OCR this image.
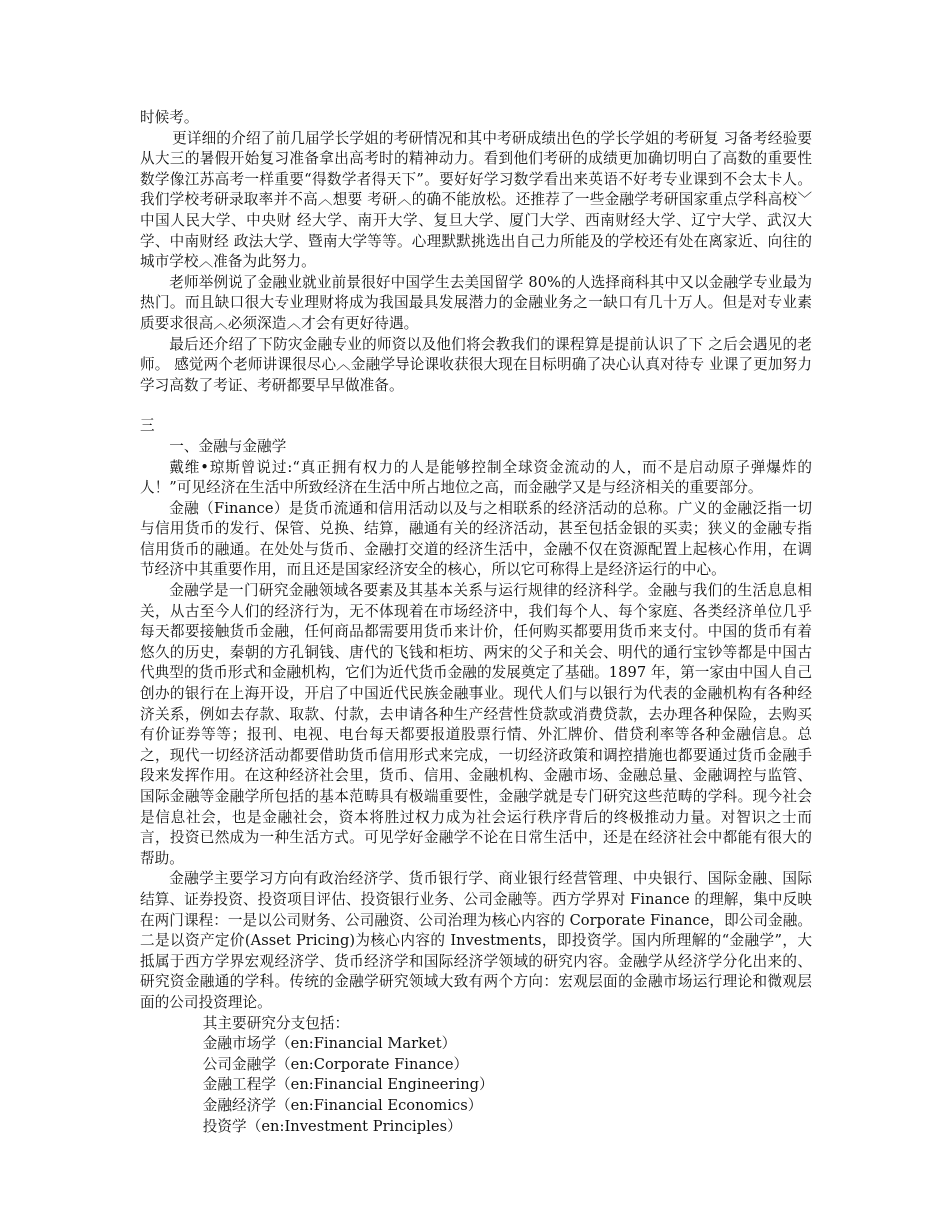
时候考。

更详细的介绍了前几届学长学姐的考研情况和其中考研成绩出色的学长学姐的考研复 习备考经验要从大三的暑假开始复习准备拿出高考时的精神动力。看到他们考研的成绩更加确切明白了高数的重要性数学像江苏高考一样重要“得数学者得天下”。要好好学习数学看出来英语不好考专业课到不会太卡人。我们学校考研录取率并不高︿想要 考研︿的确不能放松。还推荐了一些金融学考研国家重点学科高校﹀中国人民大学、中央财 经大学、南开大学、复旦大学、厦门大学、西南财经大学、辽宁大学、武汉大学、中南财经 政法大学、暨南大学等等。心理默默挑选出自己力所能及的学校还有处在离家近、向往的 城市学校︿准备为此努力。

老师举例说了金融业就业前景很好中国学生去美国留学 80%的人选择商科其中又以金融学专业最为热门。而且缺口很大专业理财将成为我国最具发展潜力的金融业务之一缺口有几十万人。但是对专业素质要求很高︿必须深造︿才会有更好待遇。

最后还介绍了下防灾金融专业的师资以及他们将会教我们的课程算是提前认识了下 之后会遇见的老师。 感觉两个老师讲课很尽心︿金融学导论课收获很大现在目标明确了决心认真对待专 业课了更加努力学习高数了考证、考研都要早早做准备。

三

一、金融与金融学

戴维•琼斯曾说过:“真正拥有权力的人是能够控制全球资金流动的人，而不是启动原子弹爆炸的人！”可见经济在生活中所致经济在生活中所占地位之高，而金融学又是与经济相关的重要部分。

金融（Finance）是货币流通和信用活动以及与之相联系的经济活动的总称。广义的金融泛指一切与信用货币的发行、保管、兑换、结算，融通有关的经济活动，甚至包括金银的买卖；狭义的金融专指信用货币的融通。在处处与货币、金融打交道的经济生活中，金融不仅在资源配置上起核心作用，在调节经济中其重要作用，而且还是国家经济安全的核心，所以它可称得上是经济运行的中心。

金融学是一门研究金融领域各要素及其基本关系与运行规律的经济科学。金融与我们的生活息息相关，从古至今人们的经济行为，无不体现着在市场经济中，我们每个人、每个家庭、各类经济单位几乎每天都要接触货币金融，任何商品都需要用货币来计价，任何购买都要用货币来支付。中国的货币有着悠久的历史，秦朝的方孔铜钱、唐代的飞钱和柜坊、两宋的父子和关会、明代的通行宝钞等都是中国古代典型的货币形式和金融机构，它们为近代货币金融的发展奠定了基础。1897 年，第一家由中国人自己创办的银行在上海开设，开启了中国近代民族金融事业。现代人们与以银行为代表的金融机构有各种经济关系，例如去存款、取款、付款，去申请各种生产经营性贷款或消费贷款，去办理各种保险，去购买有价证券等等；报刊、电视、电台每天都要报道股票行情、外汇牌价、借贷利率等各种金融信息。总之，现代一切经济活动都要借助货币信用形式来完成，一切经济政策和调控措施也都要通过货币金融手段来发挥作用。在这种经济社会里，货币、信用、金融机构、金融市场、金融总量、金融调控与监管、国际金融等金融学所包括的基本范畴具有极端重要性，金融学就是专门研究这些范畴的学科。现今社会是信息社会，也是金融社会，资本将胜过权力成为社会运行秩序背后的终极推动力量。对智识之士而言，投资已然成为一种生活方式。可见学好金融学不论在日常生活中，还是在经济社会中都能有很大的帮助。

金融学主要学习方向有政治经济学、货币银行学、商业银行经营管理、中央银行、国际金融、国际结算、证券投资、投资项目评估、投资银行业务、公司金融等。西方学界对 Finance 的理解，集中反映在两门课程：一是以公司财务、公司融资、公司治理为核心内容的 Corporate Finance，即公司金融。二是以资产定价(Asset Pricing)为核心内容的 Investments，即投资学。国内所理解的“金融学”，大抵属于西方学界宏观经济学、货币经济学和国际经济学领域的研究内容。金融学从经济学分化出来的、研究资金融通的学科。传统的金融学研究领域大致有两个方向：宏观层面的金融市场运行理论和微观层面的公司投资理论。

其主要研究分支包括：

金融市场学（en:Financial Market）
公司金融学（en:Corporate Finance）
金融工程学（en:Financial Engineering）
金融经济学（en:Financial Economics）
投资学（en:Investment Principles）
